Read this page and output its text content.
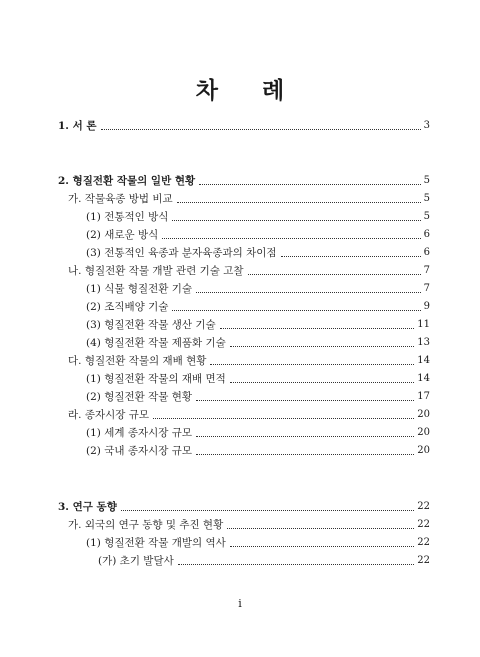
차 례
1. 서 론	3
2. 형질전환 작물의 일반 현황	5
가. 작물육종 방법 비교	5
(1) 전통적인 방식	5
(2) 새로운 방식	6
(3) 전통적인 육종과 분자육종과의 차이점	6
나. 형질전환 작물 개발 관련 기술 고찰	7
(1) 식물 형질전환 기술	7
(2) 조직배양 기술	9
(3) 형질전환 작물 생산 기술	11
(4) 형질전환 작물 제품화 기술	13
다. 형질전환 작물의 재배 현황	14
(1) 형질전환 작물의 재배 면적	14
(2) 형질전환 작물 현황	17
라. 종자시장 규모	20
(1) 세계 종자시장 규모	20
(2) 국내 종자시장 규모	20
3. 연구 동향	22
가. 외국의 연구 동향 및 추진 현황	22
(1) 형질전환 작물 개발의 역사	22
(가) 초기 발달사	22
i
